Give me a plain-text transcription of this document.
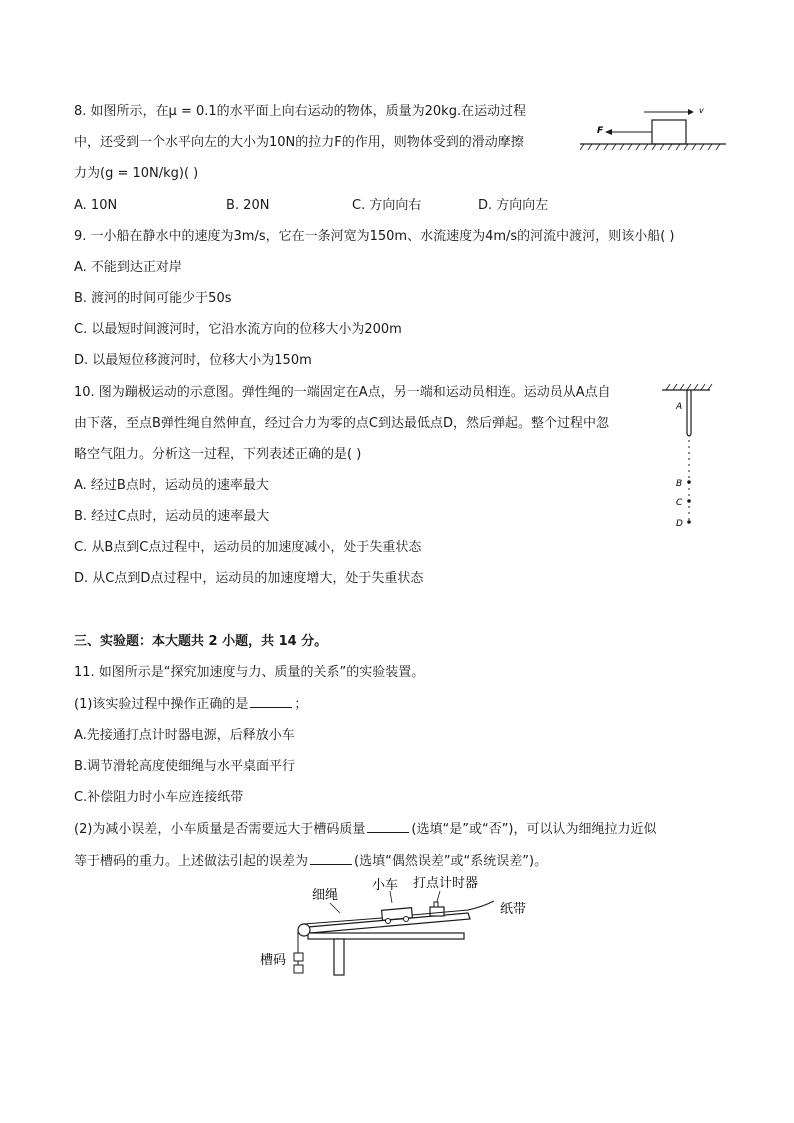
8. 如图所示，在μ = 0.1的水平面上向右运动的物体，质量为20kg.在运动过程
中，还受到一个水平向左的大小为10N的拉力F的作用，则物体受到的滑动摩擦
力为(g = 10N/kg)( )
A. 10N	B. 20N	C. 方向向右	D. 方向向左
v
F
9. 一小船在静水中的速度为3m/s，它在一条河宽为150m、水流速度为4m/s的河流中渡河，则该小船( )
A. 不能到达正对岸
B. 渡河的时间可能少于50s
C. 以最短时间渡河时，它沿水流方向的位移大小为200m
D. 以最短位移渡河时，位移大小为150m
10. 图为蹦极运动的示意图。弹性绳的一端固定在A点，另一端和运动员相连。运动员从A点自
由下落，至点B弹性绳自然伸直，经过合力为零的点C到达最低点D，然后弹起。整个过程中忽
略空气阻力。分析这一过程，下列表述正确的是( )
A. 经过B点时，运动员的速率最大
B. 经过C点时，运动员的速率最大
C. 从B点到C点过程中，运动员的加速度减小，处于失重状态
D. 从C点到D点过程中，运动员的加速度增大，处于失重状态
A
B
C
D
三、实验题：本大题共 2 小题，共 14 分。
11. 如图所示是“探究加速度与力、质量的关系”的实验装置。
(1)该实验过程中操作正确的是	；
A.先接通打点计时器电源，后释放小车
B.调节滑轮高度使细绳与水平桌面平行
C.补偿阻力时小车应连接纸带
(2)为减小误差，小车质量是否需要远大于槽码质量	(选填“是”或“否”)，可以认为细绳拉力近似
等于槽码的重力。上述做法引起的误差为	(选填“偶然误差”或“系统误差”)。
细绳
小车 打点计时器
纸带
槽码
